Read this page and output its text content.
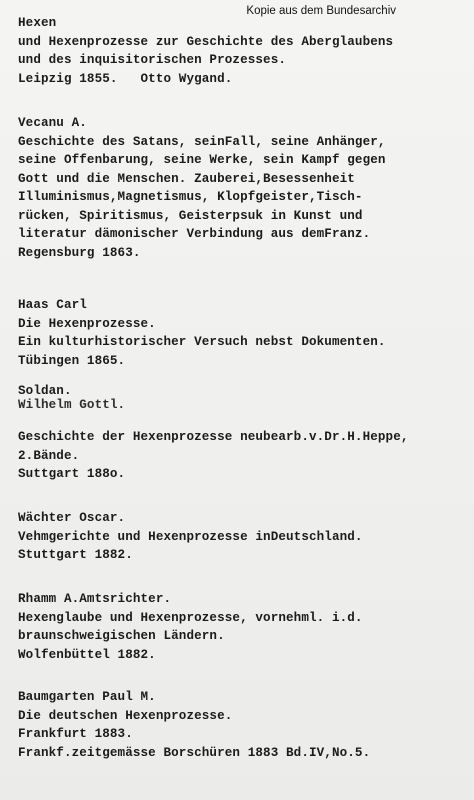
Kopie aus dem Bundesarchiv
Hexen
und Hexenprozesse zur Geschichte des Aberglaubens
und des inquisitorischen Prozesses.
Leipzig 1855.   Otto Wygand.
Vecanu A.
Geschichte des Satans, seinFall, seine Anhänger,
seine Offenbarung, seine Werke, sein Kampf gegen
Gott und die Menschen. Zauberei,Besessenheit
Illuminismus,Magnetismus, Klopfgeister,Tisch-
rücken, Spiritismus, Geisterpsuk in Kunst und
literatur dämonischer Verbindung aus demFranz.
Regensburg 1863.
Haas Carl
Die Hexenprozesse.
Ein kulturhistorischer Versuch nebst Dokumenten.
Tübingen 1865.
Soldan.
Wilhelm Gottl.
Geschichte der Hexenprozesse neubearb.v.Dr.H.Heppe,
2.Bände.
Suttgart 188o.
Wächter Oscar.
Vehmgerichte und Hexenprozesse inDeutschland.
Stuttgart 1882.
Rhamm A.Amtsrichter.
Hexenglaube und Hexenprozesse, vornehml. i.d.
braunschweigischen Ländern.
Wolfenbüttel 1882.
Baumgarten Paul M.
Die deutschen Hexenprozesse.
Frankfurt 1883.
Frankf.zeitgemässe Borschüren 1883 Bd.IV,No.5.
